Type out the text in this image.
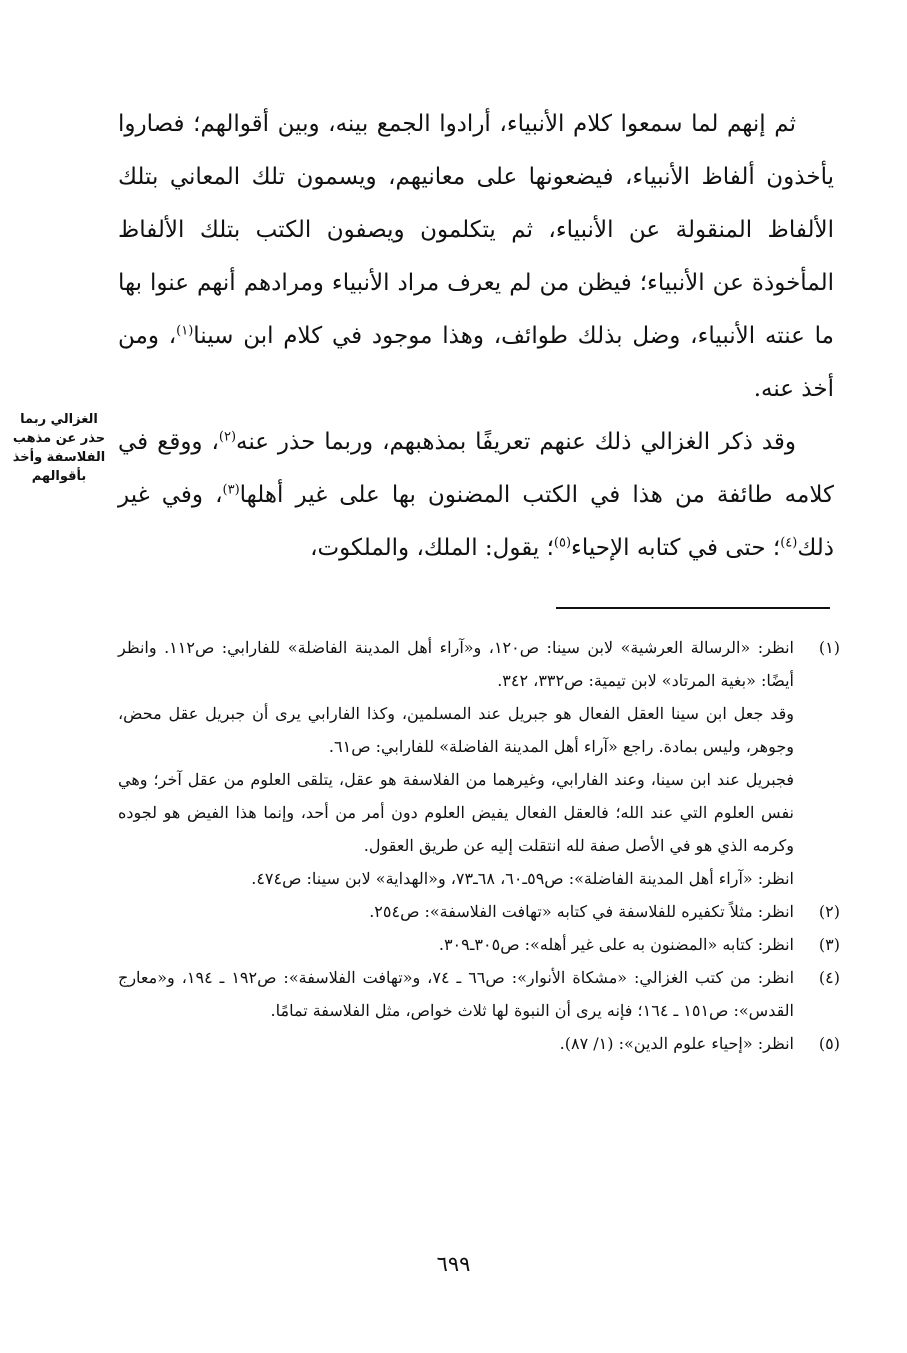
ثم إنهم لما سمعوا كلام الأنبياء، أرادوا الجمع بينه، وبين أقوالهم؛ فصاروا يأخذون ألفاظ الأنبياء، فيضعونها على معانيهم، ويسمون تلك المعاني بتلك الألفاظ المنقولة عن الأنبياء، ثم يتكلمون ويصفون الكتب بتلك الألفاظ المأخوذة عن الأنبياء؛ فيظن من لم يعرف مراد الأنبياء ومرادهم أنهم عنوا بها ما عنته الأنبياء، وضل بذلك طوائف، وهذا موجود في كلام ابن سينا$^{(١)}$، ومن أخذ عنه.

وقد ذكر الغزالي ذلك عنهم تعريفًا بمذهبهم، وربما حذر عنه$^{(٢)}$، ووقع في كلامه طائفة من هذا في الكتب المضنون بها على غير أهلها$^{(٣)}$، وفي غير ذلك$^{(٤)}$؛ حتى في كتابه الإحياء$^{(٥)}$؛ يقول: الملك، والملكوت،

الغزالي ربما حذر عن مذهب الفلاسفة وأخذ بأقوالهم
(١)

انظر: «الرسالة العرشية» لابن سينا: ص١٢٠، و«آراء أهل المدينة الفاضلة» للفارابي: ص١١٢. وانظر أيضًا: «بغية المرتاد» لابن تيمية: ص٣٣٢، ٣٤٢.

وقد جعل ابن سينا العقل الفعال هو جبريل عند المسلمين، وكذا الفارابي يرى أن جبريل عقل محض، وجوهر، وليس بمادة. راجع «آراء أهل المدينة الفاضلة» للفارابي: ص٦١.

فجبريل عند ابن سينا، وعند الفارابي، وغيرهما من الفلاسفة هو عقل، يتلقى العلوم من عقل آخر؛ وهي نفس العلوم التي عند الله؛ فالعقل الفعال يفيض العلوم دون أمر من أحد، وإنما هذا الفيض هو لجوده وكرمه الذي هو في الأصل صفة لله انتقلت إليه عن طريق العقول.

انظر: «آراء أهل المدينة الفاضلة»: ص٥٩ـ٦٠، ٦٨ـ٧٣، و«الهداية» لابن سينا: ص٤٧٤.

(٢)

انظر: مثلاً تكفيره للفلاسفة في كتابه «تهافت الفلاسفة»: ص٢٥٤.

(٣)

انظر: كتابه «المضنون به على غير أهله»: ص٣٠٥ـ٣٠٩.

(٤)

انظر: من كتب الغزالي: «مشكاة الأنوار»: ص٦٦ ـ ٧٤، و«تهافت الفلاسفة»: ص١٩٢ ـ ١٩٤، و«معارج القدس»: ص١٥١ ـ ١٦٤؛ فإنه يرى أن النبوة لها ثلاث خواص، مثل الفلاسفة تمامًا.

(٥)

انظر: «إحياء علوم الدين»: (١/ ٨٧).

٦٩٩
